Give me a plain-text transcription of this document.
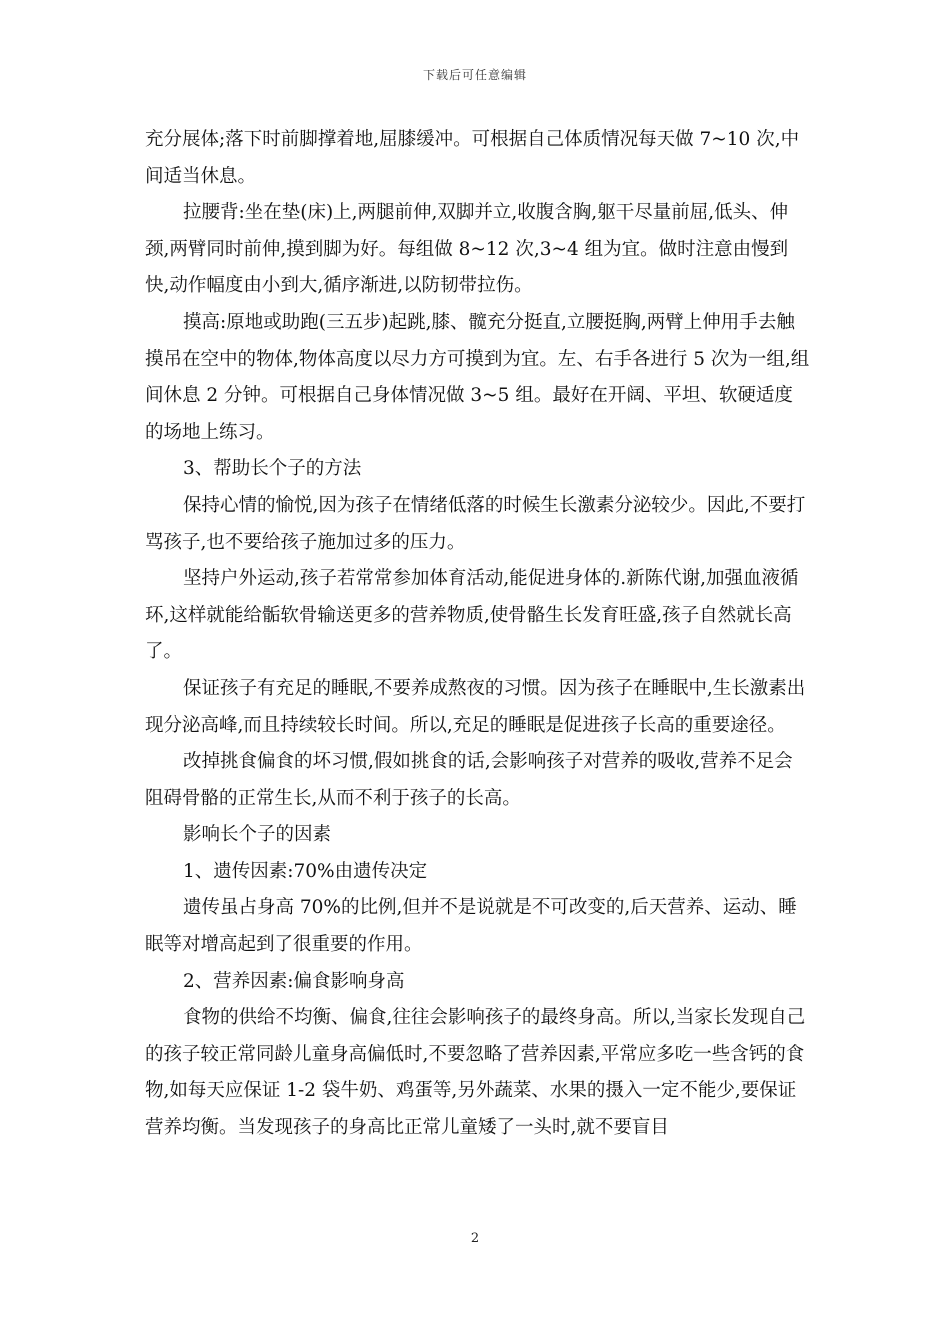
下载后可任意编辑

充分展体;落下时前脚撑着地,屈膝缓冲。可根据自己体质情况每天做 7~10 次,中间适当休息。

拉腰背:坐在垫(床)上,两腿前伸,双脚并立,收腹含胸,躯干尽量前屈,低头、伸颈,两臂同时前伸,摸到脚为好。每组做 8~12 次,3~4 组为宜。做时注意由慢到快,动作幅度由小到大,循序渐进,以防韧带拉伤。

摸高:原地或助跑(三五步)起跳,膝、髋充分挺直,立腰挺胸,两臂上伸用手去触摸吊在空中的物体,物体高度以尽力方可摸到为宜。左、右手各进行 5 次为一组,组间休息 2 分钟。可根据自己身体情况做 3~5 组。最好在开阔、平坦、软硬适度的场地上练习。

3、帮助长个子的方法

保持心情的愉悦,因为孩子在情绪低落的时候生长激素分泌较少。因此,不要打骂孩子,也不要给孩子施加过多的压力。

坚持户外运动,孩子若常常参加体育活动,能促进身体的.新陈代谢,加强血液循环,这样就能给骺软骨输送更多的营养物质,使骨骼生长发育旺盛,孩子自然就长高了。

保证孩子有充足的睡眠,不要养成熬夜的习惯。因为孩子在睡眠中,生长激素出现分泌高峰,而且持续较长时间。所以,充足的睡眠是促进孩子长高的重要途径。

改掉挑食偏食的坏习惯,假如挑食的话,会影响孩子对营养的吸收,营养不足会阻碍骨骼的正常生长,从而不利于孩子的长高。

影响长个子的因素

1、遗传因素:70%由遗传决定

遗传虽占身高 70%的比例,但并不是说就是不可改变的,后天营养、运动、睡眠等对增高起到了很重要的作用。

2、营养因素:偏食影响身高

食物的供给不均衡、偏食,往往会影响孩子的最终身高。所以,当家长发现自己的孩子较正常同龄儿童身高偏低时,不要忽略了营养因素,平常应多吃一些含钙的食物,如每天应保证 1-2 袋牛奶、鸡蛋等,另外蔬菜、水果的摄入一定不能少,要保证营养均衡。当发现孩子的身高比正常儿童矮了一头时,就不要盲目

2
